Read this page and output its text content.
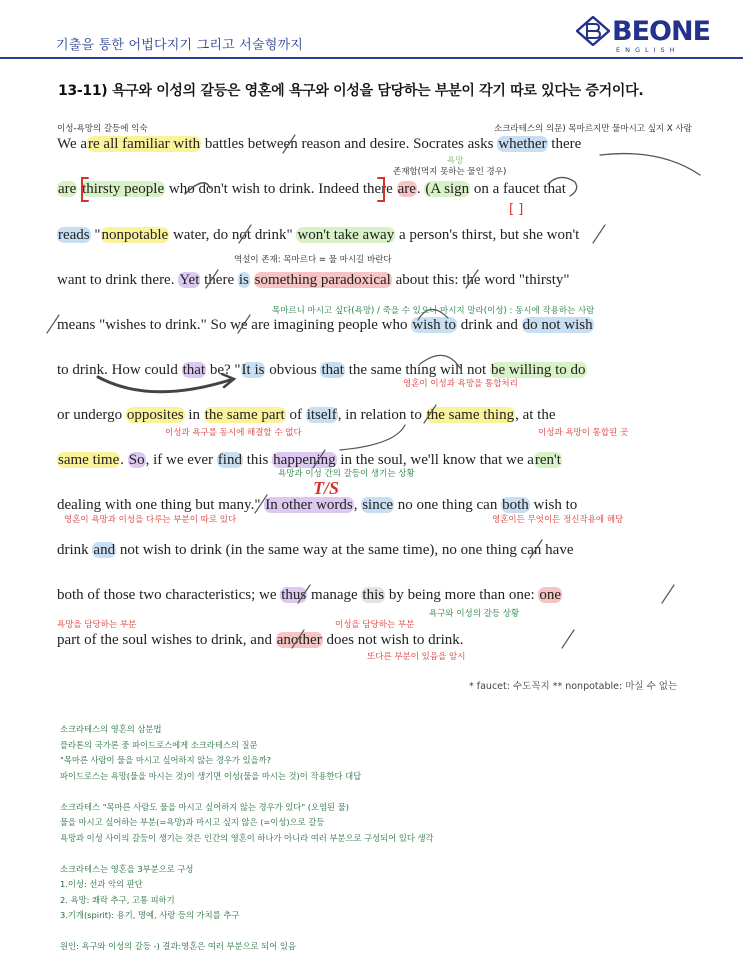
기출을 통한 어법다지기 그리고 서술형까지	BEONE
ENGLISH
13-11) 욕구와 이성의 갈등은 영혼에 욕구와 이성을 담당하는 부분이 각기 따로 있다는 증거이다.
We are all familiar with battles between reason and desire. Socrates asks whether there
are thirsty people who don't wish to drink. Indeed there are. (A sign on a faucet that
reads "nonpotable water, do not drink" won't take away a person's thirst, but she won't
want to drink there. Yet there is something paradoxical about this: the word "thirsty"
means "wishes to drink." So we are imagining people who wish to drink and do not wish
to drink. How could that be? "It is obvious that the same thing will not be willing to do
or undergo opposites in the same part of itself, in relation to the same thing, at the
same time. So, if we ever find this happening in the soul, we'll know that we aren't
dealing with one thing but many." In other words, since no one thing can both wish to
drink and not wish to drink (in the same way at the same time), no one thing can have
both of those two characteristics; we thus manage this by being more than one: one
part of the soul wishes to drink, and another does not wish to drink.
이성-욕망의 갈등에 익숙	소크라테스의 의문) 목마르지만 물마시고 싶지 X 사람
욕망
존재함(먹지 못하는 물인 경우)
[ ]
역설이 존재: 목마르다 = 물 마시길 바란다
목마르니 마시고 싶다(욕망) / 죽을 수 있으니 마시지 말라(이성) : 동시에 작용하는 사람
영혼이 이성과 욕망을 통합처리
이성과 욕구를 동시에 해결할 수 없다	이성과 욕망이 통합된 곳
욕망과 이성 간의 갈등이 생기는 상황
T/S
영혼이 욕망과 이성을 다루는 부분이 따로 있다	영혼이든 무엇이든 정신작용에 해당
욕구와 이성의 갈등 상황
욕망을 담당하는 부분	이성을 담당하는 부분
또다른 부분이 있음을 암시
* faucet: 수도꼭지 ** nonpotable: 마실 수 없는
소크라테스의 영혼의 삼분법
플라톤의 국가론 중 파이드로스에게 소크라테스의 질문
"목마른 사람이 물을 마시고 싶어하지 않는 경우가 있을까?
파이드로스는 욕망(물을 마시는 것)이 생기면 이성(물을 마시는 것)이 작용한다 대답

소크라테스 "목마른 사람도 물을 마시고 싶어하지 않는 경우가 있다" (오염된 물)
물을 마시고 싶어하는 부분(=욕망)과 마시고 싶지 않은 (=이성)으로 갈등
욕망과 이성 사이의 갈등이 생기는 것은 인간의 영혼이 하나가 아니라 여러 부분으로 구성되어 있다 생각

소크라테스는 영혼을 3부분으로 구성
1.이성: 선과 악의 판단
2. 욕망: 쾌락 추구, 고통 피하기
3.기개(spirit): 용기, 명예, 사랑 등의 가치를 추구

원인: 욕구와 이성의 갈등 -) 결과:영혼은 여러 부분으로 되어 있음
